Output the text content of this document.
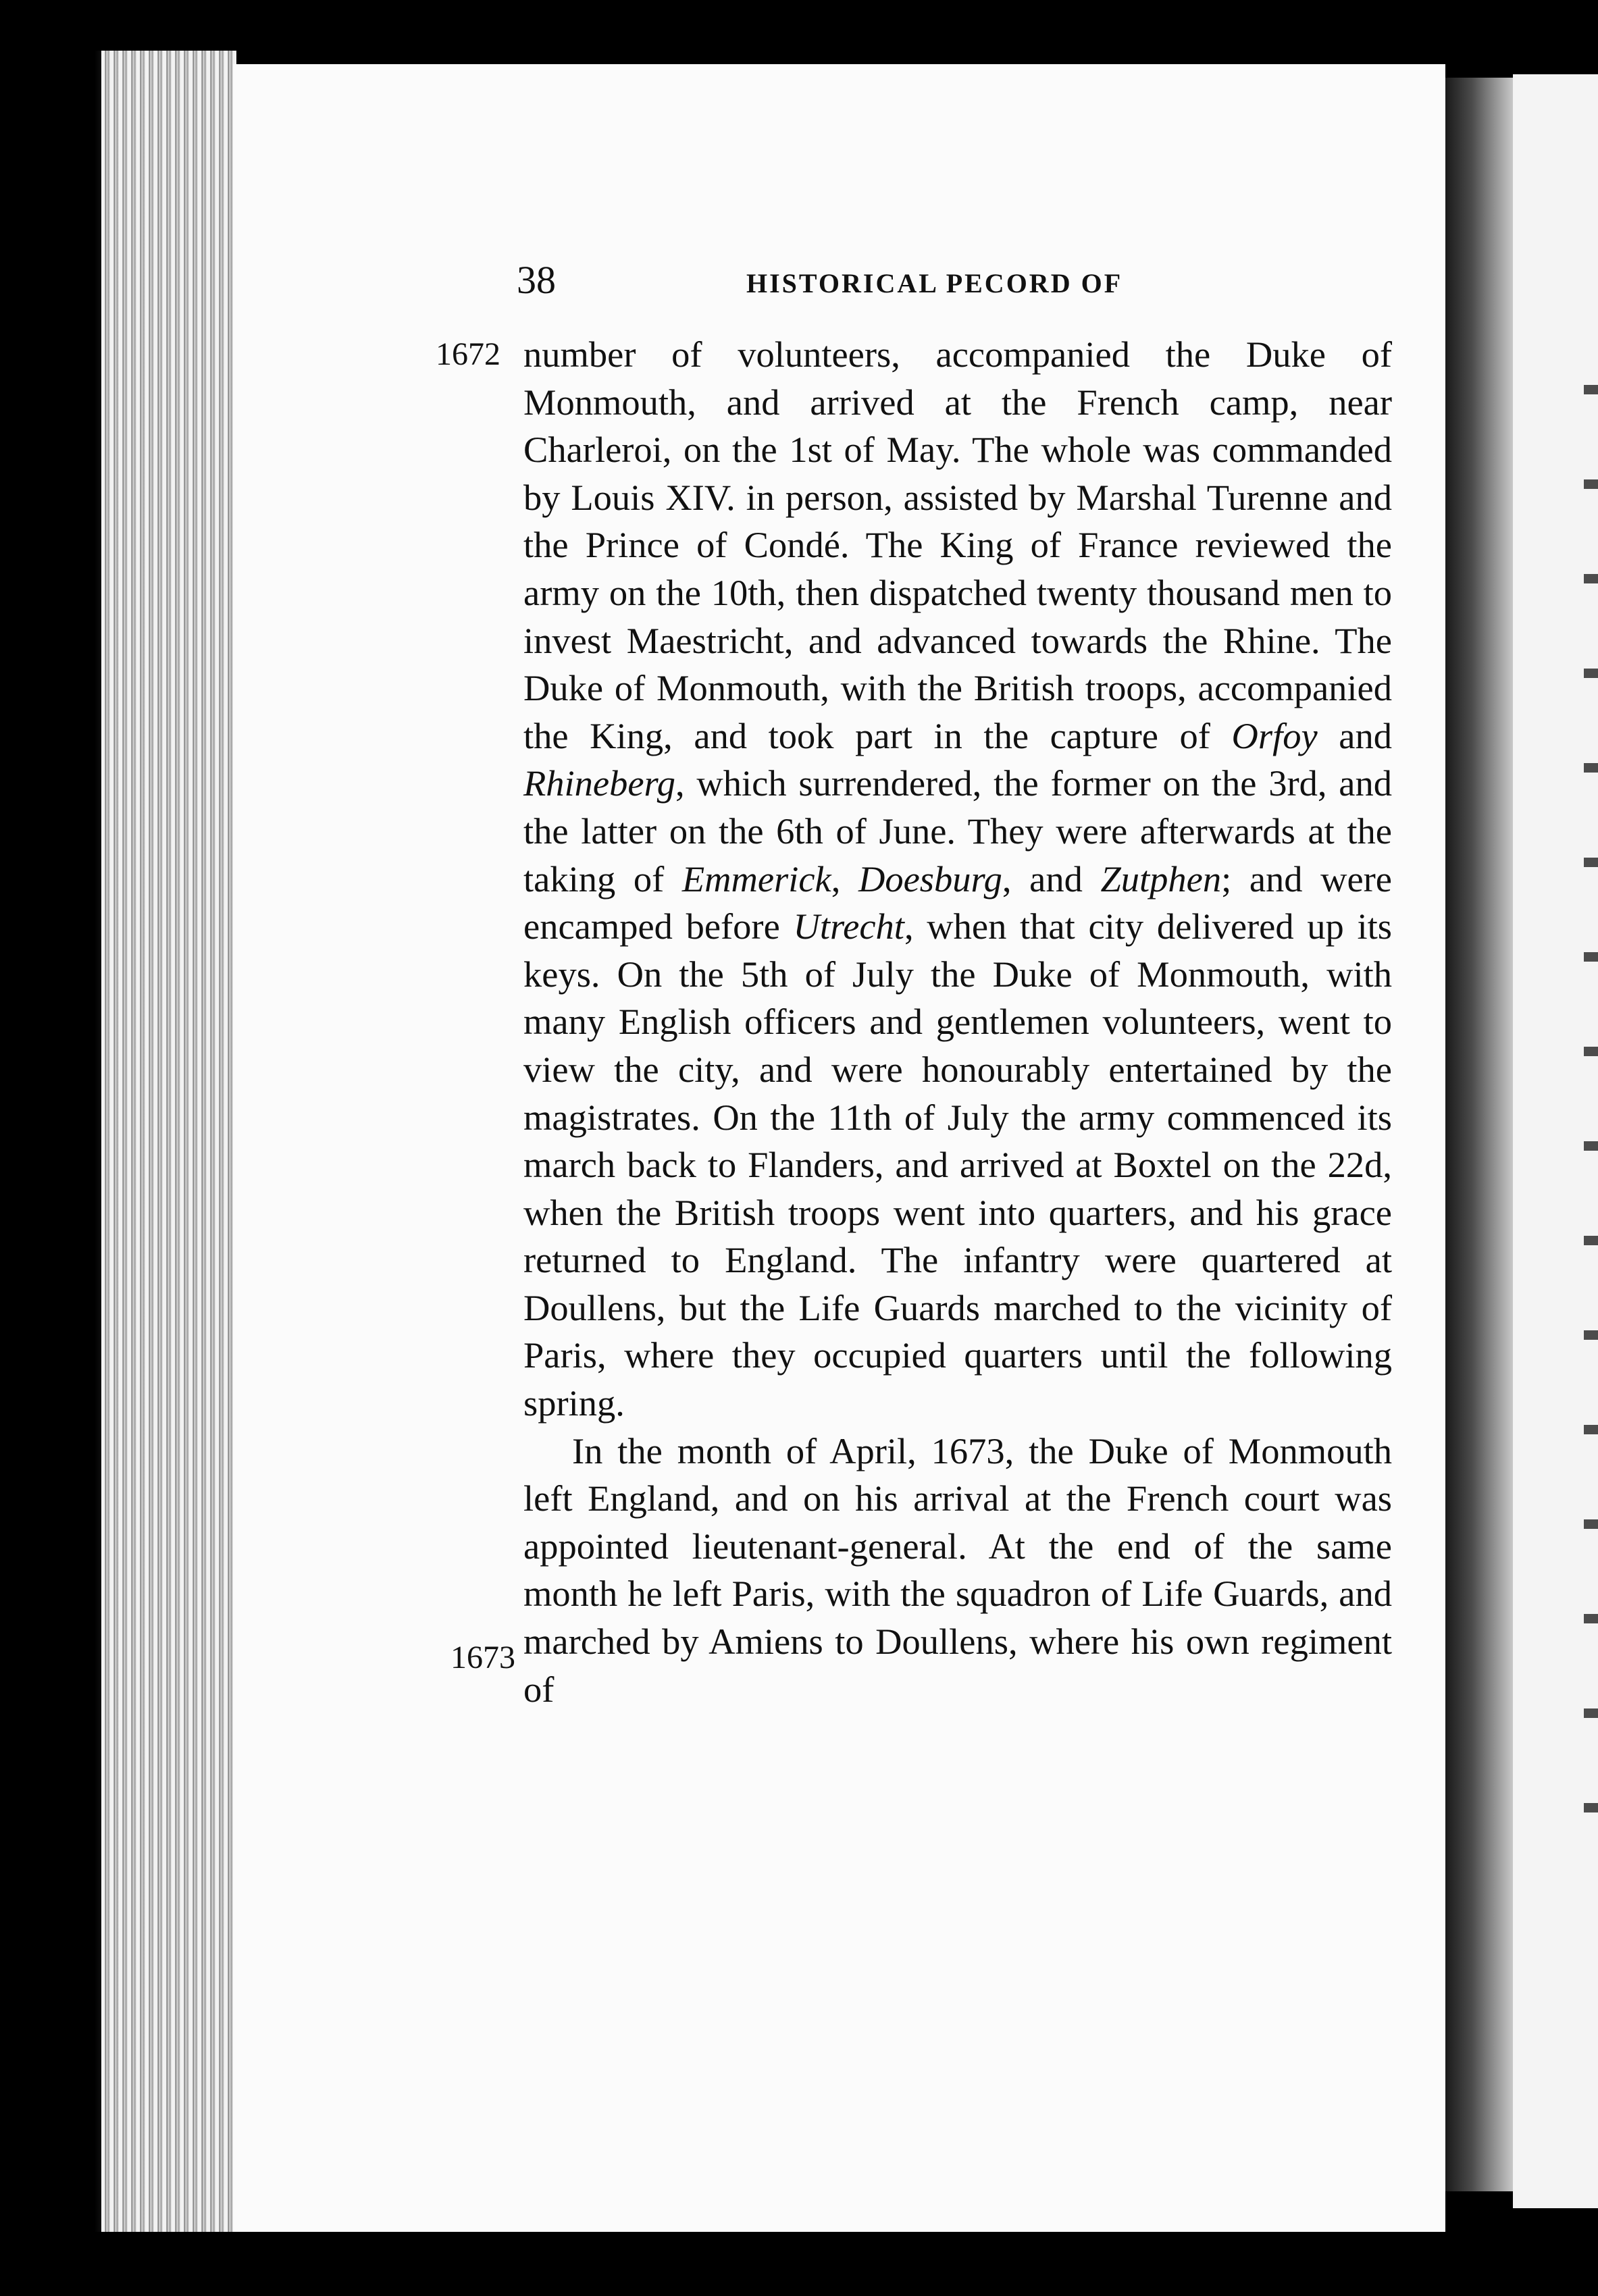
38	HISTORICAL PECORD OF
1672
1673

number of volunteers, accompanied the Duke of Monmouth, and arrived at the French camp, near Charleroi, on the 1st of May. The whole was commanded by Louis XIV. in person, assisted by Marshal Turenne and the Prince of Condé. The King of France reviewed the army on the 10th, then dispatched twenty thousand men to invest Maestricht, and advanced towards the Rhine. The Duke of Monmouth, with the British troops, accompanied the King, and took part in the capture of Orfoy and Rhineberg, which surrendered, the former on the 3rd, and the latter on the 6th of June. They were afterwards at the taking of Emmerick, Doesburg, and Zutphen; and were encamped before Utrecht, when that city delivered up its keys. On the 5th of July the Duke of Monmouth, with many English officers and gentlemen volunteers, went to view the city, and were honourably entertained by the magistrates. On the 11th of July the army commenced its march back to Flanders, and arrived at Boxtel on the 22d, when the British troops went into quarters, and his grace returned to England. The infantry were quartered at Doullens, but the Life Guards marched to the vicinity of Paris, where they occupied quarters until the following spring.

In the month of April, 1673, the Duke of Monmouth left England, and on his arrival at the French court was appointed lieutenant-general. At the end of the same month he left Paris, with the squadron of Life Guards, and marched by Amiens to Doullens, where his own regiment of
